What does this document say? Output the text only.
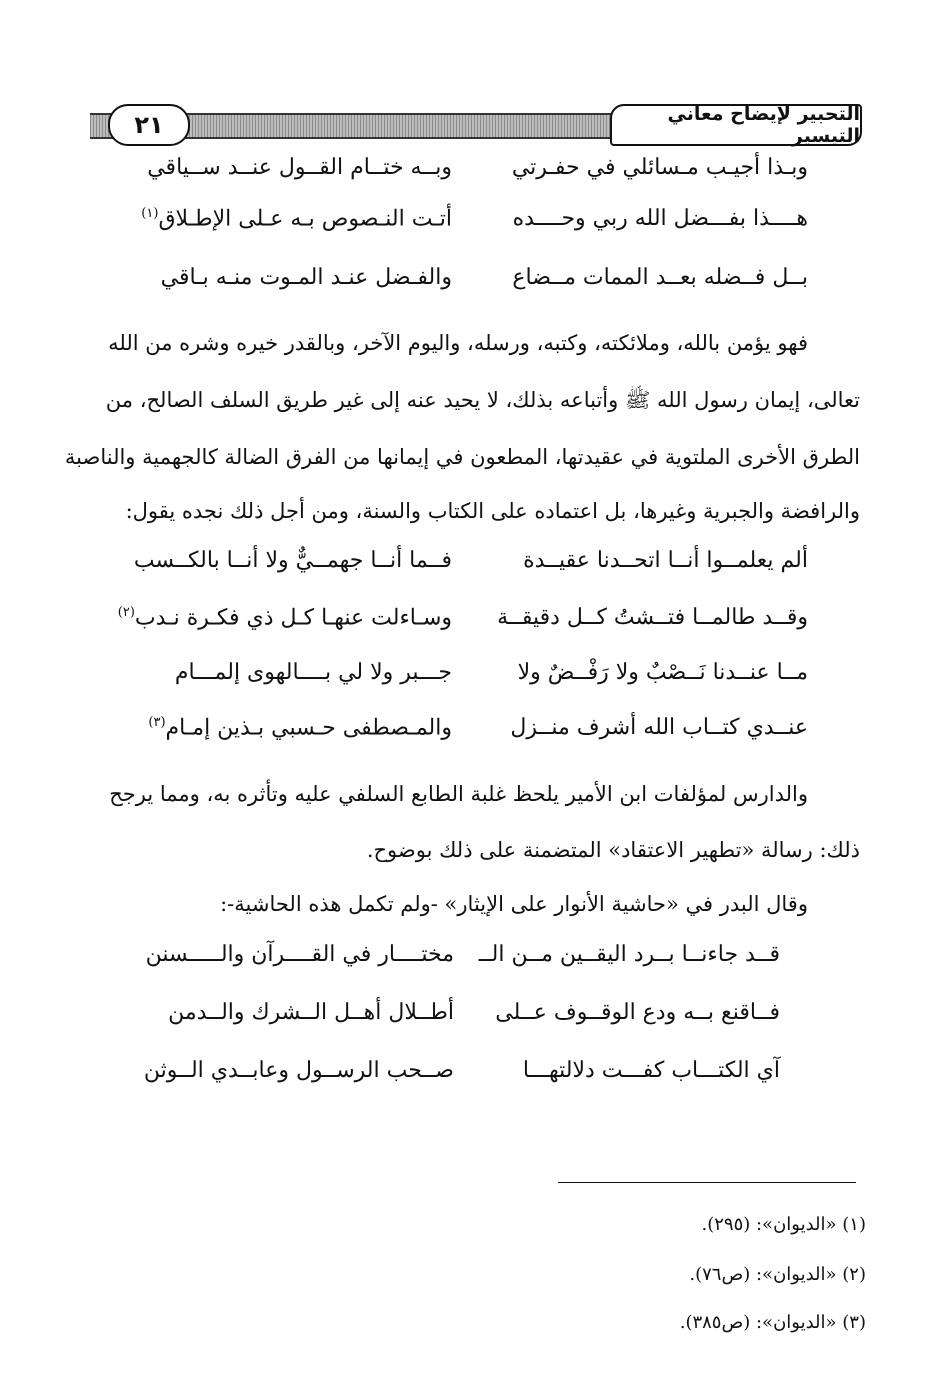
٢١	التحبير لإيضاح معاني التيسير
وبـذا أجيـب مـسائلي في حفـرتي
وبــه ختــام القــول عنــد ســياقي
هــــذا بفـــضل الله ربي وحــــده
أتـت النـصوص بـه عـلى الإطـلاق$^{(١)}$
بــل فــضله بعــد الممات مــضاع
والفـضل عنـد المـوت منـه بـاقي
فهو يؤمن بالله، وملائكته، وكتبه، ورسله، واليوم الآخر، وبالقدر خيره وشره من الله
تعالى، إيمان رسول الله ﷺ وأتباعه بذلك، لا يحيد عنه إلى غير طريق السلف الصالح، من
الطرق الأخرى الملتوية في عقيدتها، المطعون في إيمانها من الفرق الضالة كالجهمية والناصبة
والرافضة والجبرية وغيرها، بل اعتماده على الكتاب والسنة، ومن أجل ذلك نجده يقول:
ألم يعلمــوا أنــا اتحــدنا عقيــدة
فــما أنــا جهمــيٌّ ولا أنــا بالكــسب
وقــد طالمــا فتــشتُ كــل دقيقــة
وسـاءلت عنهـا كـل ذي فكـرة نـدب$^{(٢)}$
مــا عنــدنا نَــصْبٌ ولا رَفْــضٌ ولا
جـــبر ولا لي بــــالهوى إلمـــام
عنــدي كتــاب الله أشرف منــزل
والمـصطفى حـسبي بـذين إمـام$^{(٣)}$
والدارس لمؤلفات ابن الأمير يلحظ غلبة الطابع السلفي عليه وتأثره به، ومما يرجح
ذلك: رسالة «تطهير الاعتقاد» المتضمنة على ذلك بوضوح.
وقال البدر في «حاشية الأنوار على الإيثار» -ولم تكمل هذه الحاشية-:
قــد جاءنــا بــرد اليقــين مــن الــ
مختــــار في القــــرآن والـــــسنن
فــاقنع بــه ودع الوقــوف عــلى
أطــلال أهــل الــشرك والــدمن
آي الكتـــاب كفـــت دلالتهـــا
صــحب الرســول وعابــدي الــوثن
(١) «الديوان»: (٢٩٥).
(٢) «الديوان»: (ص٧٦).
(٣) «الديوان»: (ص٣٨٥).
